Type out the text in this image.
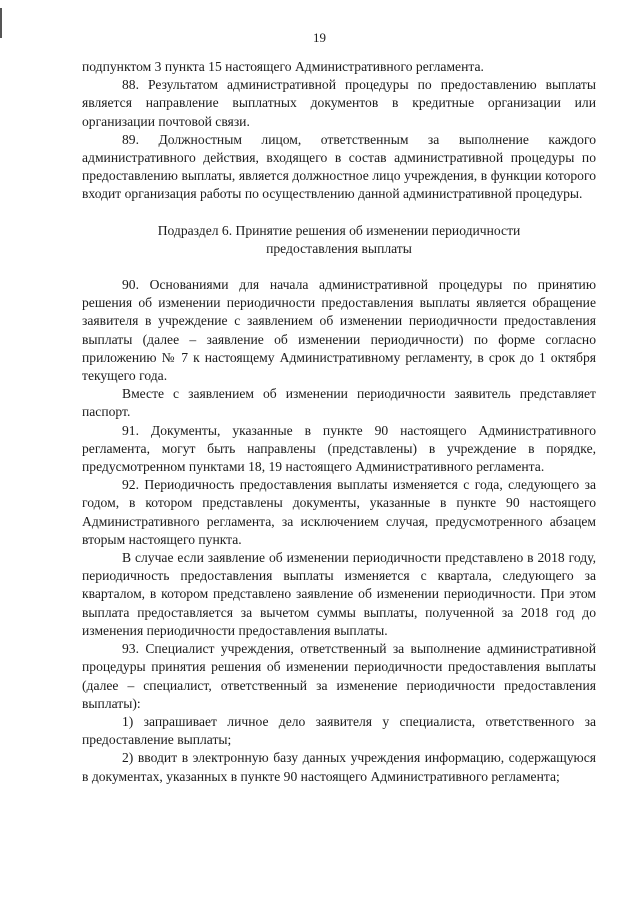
19

подпунктом 3 пункта 15 настоящего Административного регламента.

88. Результатом административной процедуры по предоставлению выплаты является направление выплатных документов в кредитные организации или организации почтовой связи.

89. Должностным лицом, ответственным за выполнение каждого административного действия, входящего в состав административной процедуры по предоставлению выплаты, является должностное лицо учреждения, в функции которого входит организация работы по осуществлению данной административной процедуры.

Подраздел 6. Принятие решения об изменении периодичности предоставления выплаты

90. Основаниями для начала административной процедуры по принятию решения об изменении периодичности предоставления выплаты является обращение заявителя в учреждение с заявлением об изменении периодичности предоставления выплаты (далее – заявление об изменении периодичности) по форме согласно приложению № 7 к настоящему Административному регламенту, в срок до 1 октября текущего года.

Вместе с заявлением об изменении периодичности заявитель представляет паспорт.

91. Документы, указанные в пункте 90 настоящего Административного регламента, могут быть направлены (представлены) в учреждение в порядке, предусмотренном пунктами 18, 19 настоящего Административного регламента.

92. Периодичность предоставления выплаты изменяется с года, следующего за годом, в котором представлены документы, указанные в пункте 90 настоящего Административного регламента, за исключением случая, предусмотренного абзацем вторым настоящего пункта.

В случае если заявление об изменении периодичности представлено в 2018 году, периодичность предоставления выплаты изменяется с квартала, следующего за кварталом, в котором представлено заявление об изменении периодичности. При этом выплата предоставляется за вычетом суммы выплаты, полученной за 2018 год до изменения периодичности предоставления выплаты.

93. Специалист учреждения, ответственный за выполнение административной процедуры принятия решения об изменении периодичности предоставления выплаты (далее – специалист, ответственный за изменение периодичности предоставления выплаты):

1) запрашивает личное дело заявителя у специалиста, ответственного за предоставление выплаты;

2) вводит в электронную базу данных учреждения информацию, содержащуюся в документах, указанных в пункте 90 настоящего Административного регламента;
